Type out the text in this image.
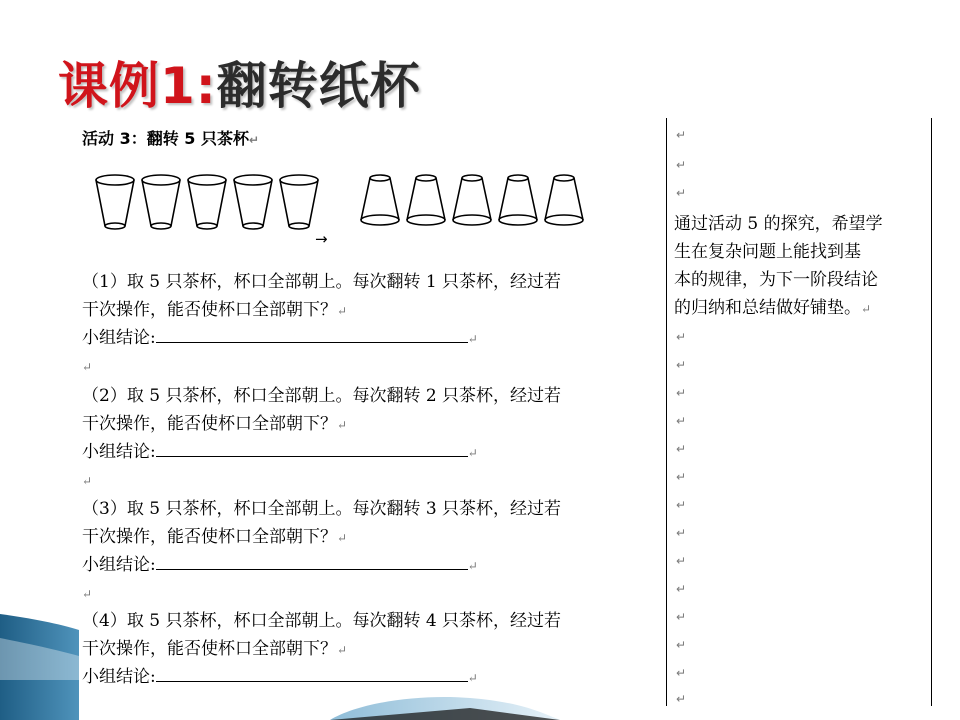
课例1:翻转纸杯
活动 3：翻转 5 只茶杯↵
→
（1）取 5 只茶杯，杯口全部朝上。每次翻转 1 只茶杯，经过若
干次操作，能否使杯口全部朝下？↵
小组结论:	↵
↵
（2）取 5 只茶杯，杯口全部朝上。每次翻转 2 只茶杯，经过若
干次操作，能否使杯口全部朝下？↵
小组结论:	↵
↵
（3）取 5 只茶杯，杯口全部朝上。每次翻转 3 只茶杯，经过若
干次操作，能否使杯口全部朝下？↵
小组结论:	↵
↵
（4）取 5 只茶杯，杯口全部朝上。每次翻转 4 只茶杯，经过若
干次操作，能否使杯口全部朝下？↵
小组结论:	↵
↵
↵
↵
通过活动 5 的探究，希望学
生在复杂问题上能找到基
本的规律，为下一阶段结论
的归纳和总结做好铺垫。↵
↵
↵
↵
↵
↵
↵
↵
↵
↵
↵
↵
↵
↵
↵
